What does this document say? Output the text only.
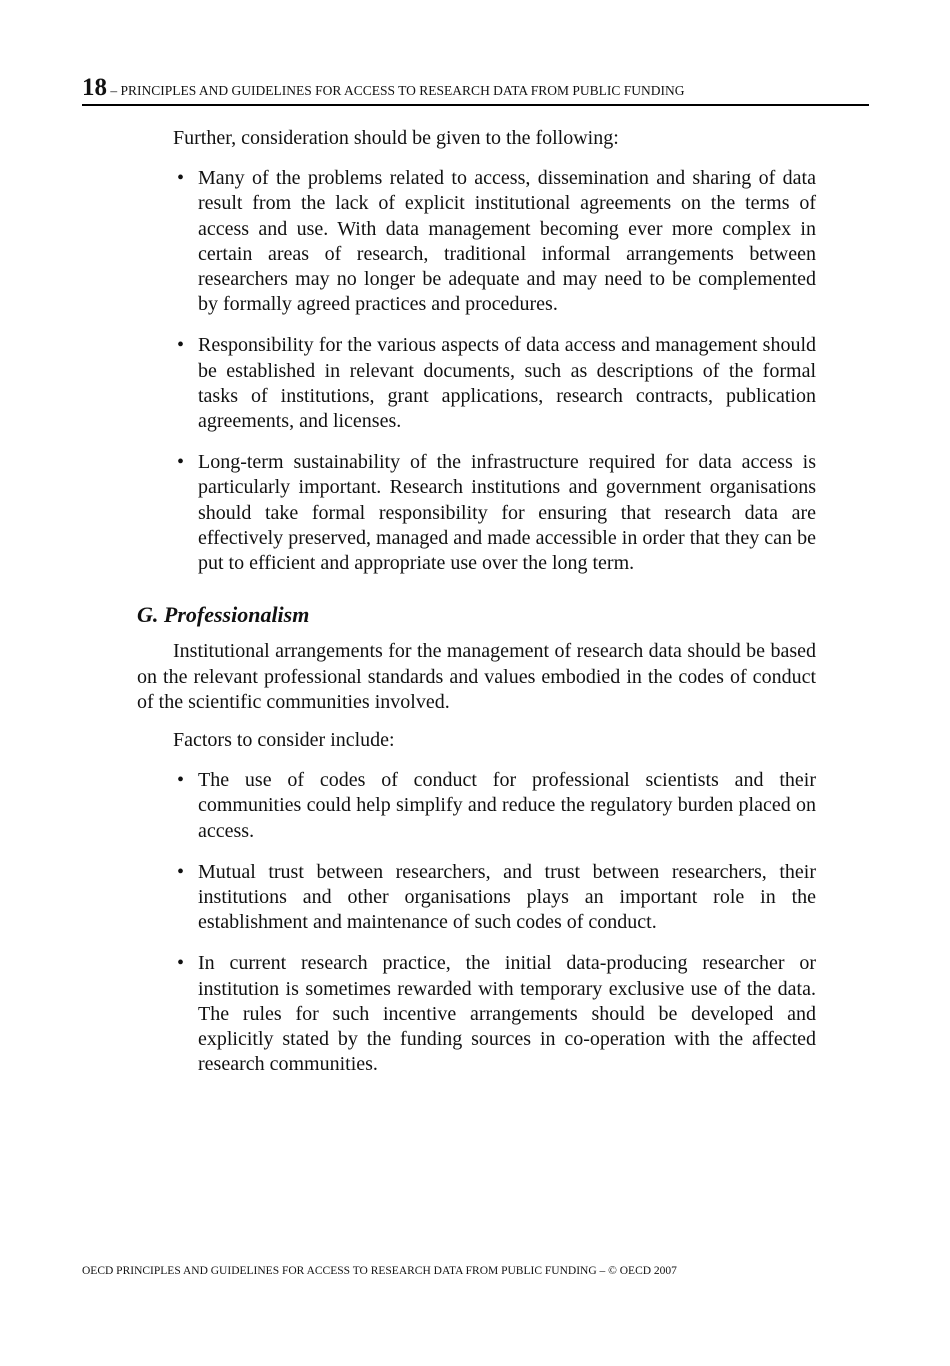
18 – PRINCIPLES AND GUIDELINES FOR ACCESS TO RESEARCH DATA FROM PUBLIC FUNDING

Further, consideration should be given to the following:

• Many of the problems related to access, dissemination and sharing of data result from the lack of explicit institutional agreements on the terms of access and use. With data management becoming ever more complex in certain areas of research, traditional informal arrangements between researchers may no longer be adequate and may need to be complemented by formally agreed practices and procedures.
• Responsibility for the various aspects of data access and management should be established in relevant documents, such as descriptions of the formal tasks of institutions, grant applications, research contracts, publication agreements, and licenses.
• Long-term sustainability of the infrastructure required for data access is particularly important. Research institutions and government organisations should take formal responsibility for ensuring that research data are effectively preserved, managed and made accessible in order that they can be put to efficient and appropriate use over the long term.
G. Professionalism

Institutional arrangements for the management of research data should be based on the relevant professional standards and values embodied in the codes of conduct of the scientific communities involved.

Factors to consider include:

• The use of codes of conduct for professional scientists and their communities could help simplify and reduce the regulatory burden placed on access.
• Mutual trust between researchers, and trust between researchers, their institutions and other organisations plays an important role in the establishment and maintenance of such codes of conduct.
• In current research practice, the initial data-producing researcher or institution is sometimes rewarded with temporary exclusive use of the data. The rules for such incentive arrangements should be developed and explicitly stated by the funding sources in co-operation with the affected research communities.
OECD PRINCIPLES AND GUIDELINES FOR ACCESS TO RESEARCH DATA FROM PUBLIC FUNDING – © OECD 2007
